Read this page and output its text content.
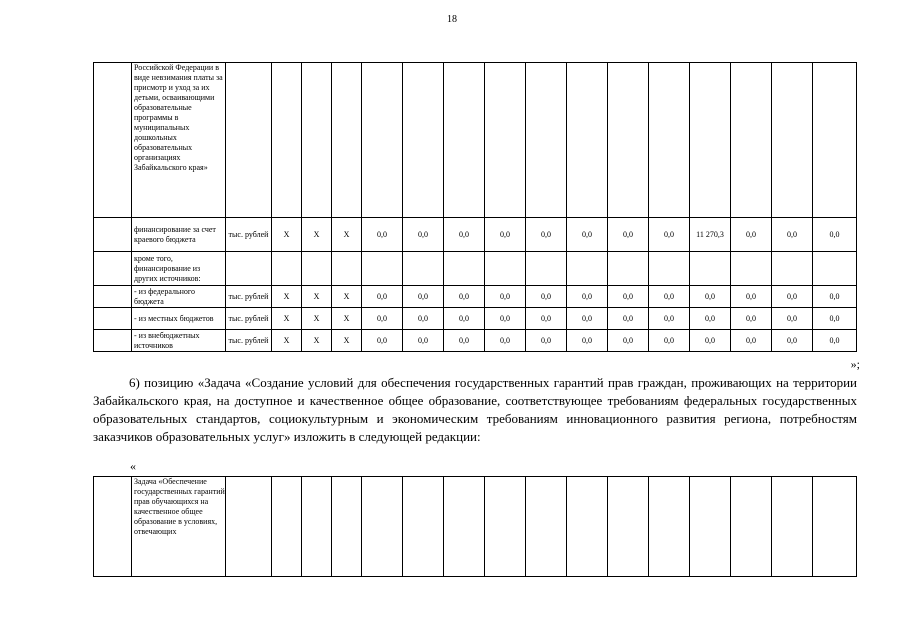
18
	Российской Федерации в виде невзимания платы за присмотр и уход за их детьми, осваивающими образовательные программы в муниципальных дошкольных образовательных организациях Забайкальского края»																
	финансирование за счет краевого бюджета	тыс. рублей	X	X	X	0,0	0,0	0,0	0,0	0,0	0,0	0,0	0,0	11 270,3	0,0	0,0	0,0
	кроме того, финансирование из других источников:																
	- из федерального бюджета	тыс. рублей	X	X	X	0,0	0,0	0,0	0,0	0,0	0,0	0,0	0,0	0,0	0,0	0,0	0,0
	- из местных бюджетов	тыс. рублей	X	X	X	0,0	0,0	0,0	0,0	0,0	0,0	0,0	0,0	0,0	0,0	0,0	0,0
	- из внебюджетных источников	тыс. рублей	X	X	X	0,0	0,0	0,0	0,0	0,0	0,0	0,0	0,0	0,0	0,0	0,0	0,0
»;

6) позицию «Задача «Создание условий для обеспечения государственных гарантий прав граждан, проживающих на территории Забайкальского края, на доступное и качественное общее образование, соответствующее требованиям федеральных государственных образовательных стандартов, социокультурным и экономическим требованиям инновационного развития региона, потребностям заказчиков образовательных услуг» изложить в следующей редакции:

«
	Задача «Обеспечение государственных гарантий прав обучающихся на качественное общее образование в условиях, отвечающих																
